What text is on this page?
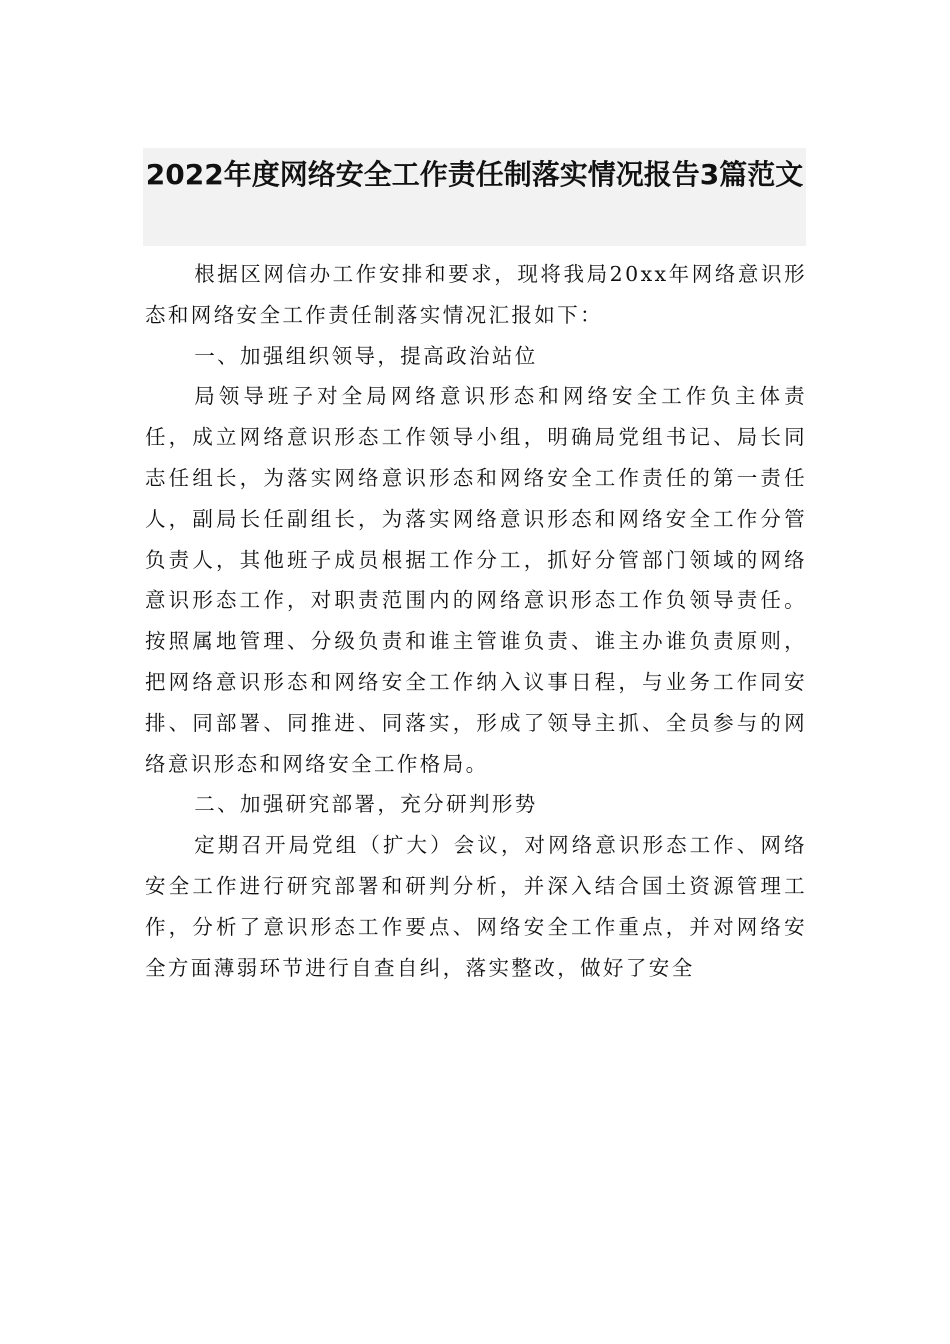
2022年度网络安全工作责任制落实情况报告3篇范文

根据区网信办工作安排和要求，现将我局20xx年网络意识形态和网络安全工作责任制落实情况汇报如下：

一、加强组织领导，提高政治站位

局领导班子对全局网络意识形态和网络安全工作负主体责任，成立网络意识形态工作领导小组，明确局党组书记、局长同志任组长，为落实网络意识形态和网络安全工作责任的第一责任人，副局长任副组长，为落实网络意识形态和网络安全工作分管负责人，其他班子成员根据工作分工，抓好分管部门领域的网络意识形态工作，对职责范围内的网络意识形态工作负领导责任。按照属地管理、分级负责和谁主管谁负责、谁主办谁负责原则，把网络意识形态和网络安全工作纳入议事日程，与业务工作同安排、同部署、同推进、同落实，形成了领导主抓、全员参与的网络意识形态和网络安全工作格局。

二、加强研究部署，充分研判形势

定期召开局党组（扩大）会议，对网络意识形态工作、网络安全工作进行研究部署和研判分析，并深入结合国土资源管理工作，分析了意识形态工作要点、网络安全工作重点，并对网络安全方面薄弱环节进行自查自纠，落实整改，做好了安全
